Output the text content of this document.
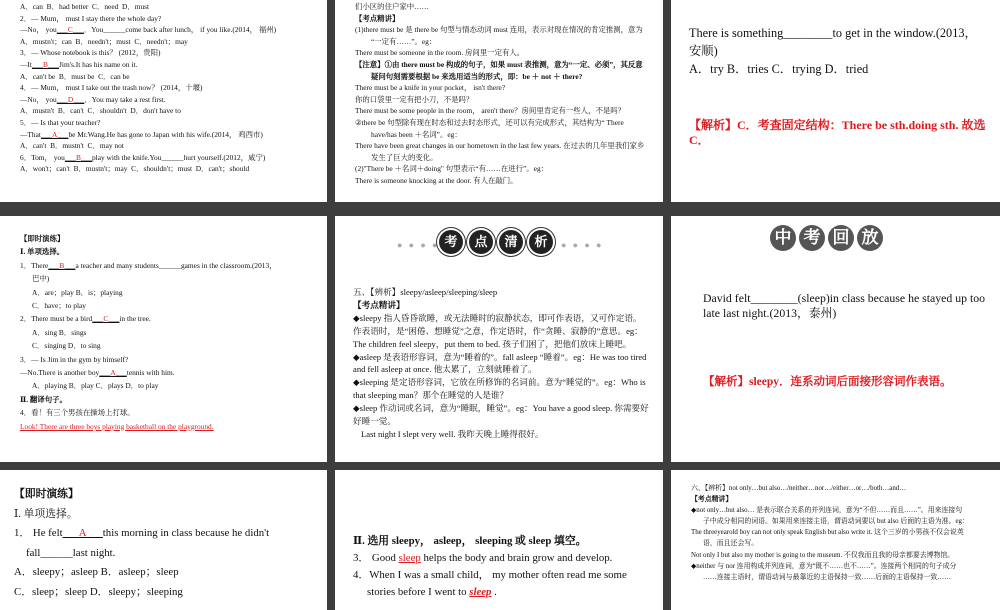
A．can  B．had better  C．need  D．must

2．— Mum， must I stay there the whole day?

—No， you___C___．You______come back after lunch， if you like.(2014， 福州)

A．mustn't；can  B．needn't；must  C．needn't；may

3．— Whose notebook is this？ (2012，贵阳)

—It___B___Jim's.It has his name on it.

A．can't be  B．must be  C．can be

4．— Mum， must I take out the trash now？ (2014，十堰)

—No， you___D___．You may take a rest first.

A．mustn't  B．can't  C．shouldn't  D．don't have to

5．— Is that your teacher?

—That___A___be Mr.Wang.He has gone to Japan with his wife.(2014， 鸡西市)

A．can't  B．mustn't  C．may not

6．Tom， you___B___play with the knife.You______hurt yourself.(2012，咸宁)

A．won't；can't  B．mustn't；may  C．shouldn't；must  D．can't；should

们小区的住户家中……

【考点精讲】

(1)there must be 是 there be 句型与情态动词 must 连用，表示对现在情况的肯定推测，意为

“一定有……”。eg：

There must be someone in the room. 房间里一定有人。

【注意】①由 there must be 构成的句子，如果 must 表推测，意为“一定、必须”，其反意

疑问句刻需要根据 be 来选用适当的形式，即：be ＋ not ＋ there?

There must be a knife in your pocket， isn't there?

你的口袋里一定有把小刀，不是吗？

There must be some people in the room， aren't there？房间里肯定有一些人，不是吗？

②there be 句型除有现在时态和过去时态形式，还可以有完成形式，其结构为“ There

have/has been ＋名词”。eg：

There have been great changes in our hometown in the last few years. 在过去的几年里我们家乡

发生了巨大的变化。

(2)"There be ＋名词＋doing" 句型表示“有……在进行”。eg：

There is someone knocking at the door. 有人在敲门。

There is something________to get in the window.(2013，安顺)

A．try B．tries C．trying D．tried

【解析】C．考查固定结构：There be sth.doing sth. 故选C．

【即时演练】

Ⅰ. 单项选择。

1．There___B___a teacher and many students______games in the classroom.(2013，

巴中)

A．are；play B．is；playing

C．have；to play

2．There must be a bird___C___in the tree.

A．sing B．sings

C．singing D．to sing

3．— Is Jim in the gym by himself?

—No.There is another boy___A___tennis with him.

A．playing B．play C．plays D．to play

Ⅱ. 翻译句子。

4．看！有三个男孩在操场上打球。

Look! There are three boys playing basketball on the playground.

● ● ● ● 考	点	清	析	● ● ● ●

五、【辨析】sleepy/asleep/sleeping/sleep

【考点精讲】

◆sleepy 指人昏昏欲睡，或无法睡时的寂静状态，即可作表语，又可作定语。作表语时，是“困倦、想睡觉”之意，作定语时，作“贪睡、寂静的”意思。eg：The children feel sleepy，put them to bed. 孩子们困了，把他们放床上睡吧。

◆asleep 是表语形容词，意为“睡着的”。fall asleep “睡着”。eg：He was too tired and fell asleep at once. 他太累了，立刻就睡着了。

◆sleeping 是定语形容词，它放在所修饰的名词前。意为“睡觉的”。eg：Who is that sleeping man？那个在睡觉的人是谁？

◆sleep 作动词或名词，意为“睡眠，睡觉”。eg：You have a good sleep. 你需要好好睡一觉。

Last night I slept very well. 我昨天晚上睡得很好。

中 考 回 放

David felt________(sleep)in class because he stayed up too late last night.(2013，泰州)

【解析】sleepy．连系动词后面接形容词作表语。

【即时演练】

Ⅰ. 单项选择。

1． He felt___A___this morning in class because he didn't

fall______last night.

A．sleepy；asleep B．asleep；sleep

C．sleep；sleep D．sleepy；sleeping

Ⅱ. 选用 sleepy， asleep， sleeping 或 sleep 填空。

3． Good sleep helps the body and brain grow and develop.

4．When I was a small child， my mother often read me some

stories before I went to sleep .

六、【辨析】not only…but also…/neither…nor…/either…or…/both…and…

【考点精讲】

◆not only…but also… 是表示联合关系的并列连词，意为“不但……而且……”。用来连接句

子中成分相同的词语。如果用来连接主语，谓语动词要以 but also 后面的主语为准。eg：

The threeyearold boy can not only speak English but also write it. 这个三岁的小男孩不仅会说英

语，而且还会写。

Not only I but also my mother is going to the museum. 不仅我而且我的母亲都要去博物馆。

◆neither 与 nor 连用构成并列连词，意为“既不……也不……”。连接两个相同的句子成分

……连接主语时，谓语动词与最靠近的主语保持一致……后面的主语保持一致……
